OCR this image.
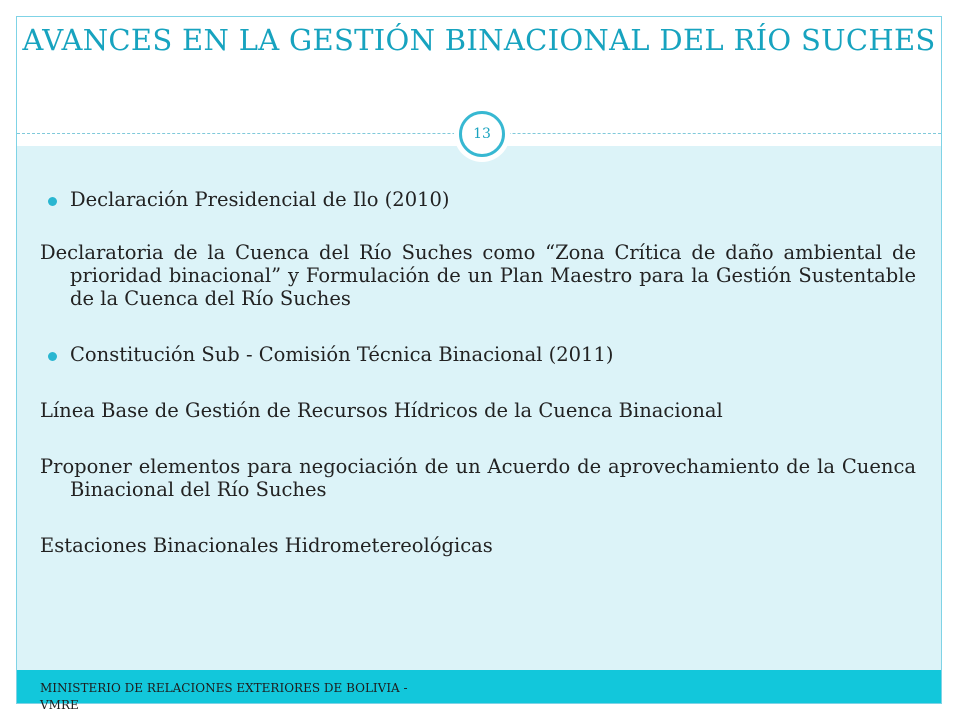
AVANCES EN LA GESTIÓN BINACIONAL DEL RÍO SUCHES
13

Declaración Presidencial de Ilo (2010)

Declaratoria de la Cuenca del Río Suches como “Zona Crítica de daño ambiental de prioridad binacional” y Formulación de un Plan Maestro para la Gestión Sustentable de la Cuenca del Río Suches

Constitución Sub - Comisión Técnica Binacional (2011)

Línea Base de Gestión de Recursos Hídricos de la Cuenca Binacional

Proponer elementos para negociación de un Acuerdo de aprovechamiento de la Cuenca Binacional del Río Suches

Estaciones Binacionales Hidrometereológicas

MINISTERIO DE RELACIONES EXTERIORES DE BOLIVIA - VMRE
